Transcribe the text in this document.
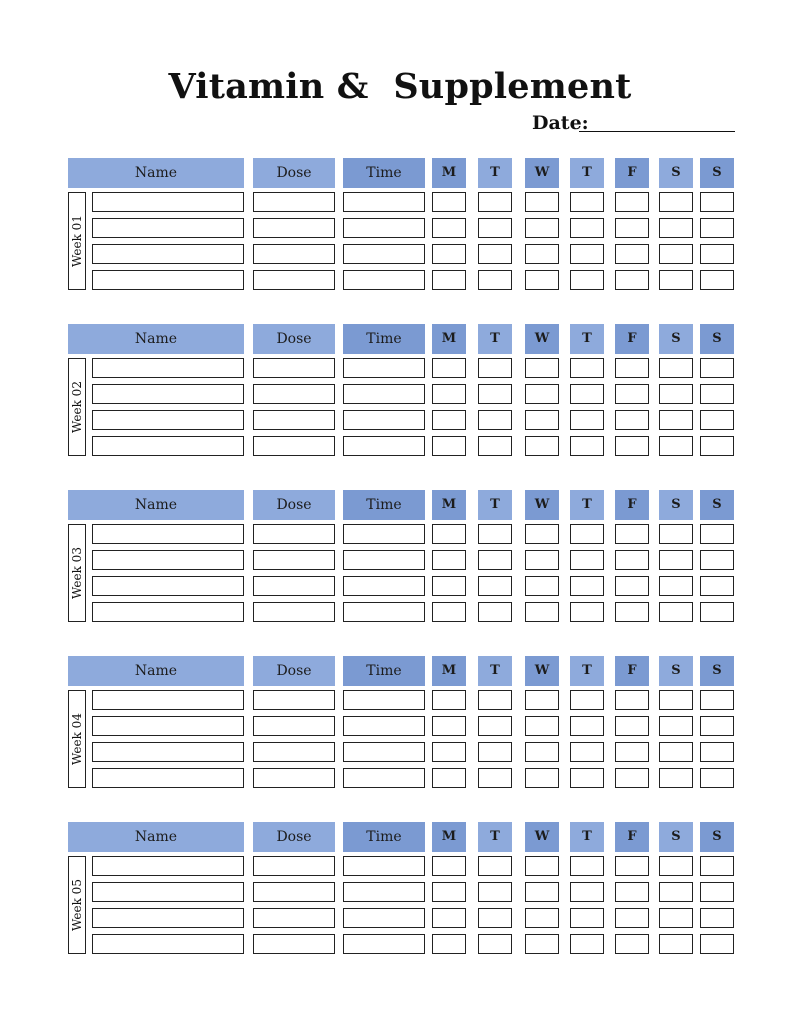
Vitamin &  Supplement
Date:
Name	Dose	Time	M	T	W	T	F	S	S
Week 01
Name	Dose	Time	M	T	W	T	F	S	S
Week 02
Name	Dose	Time	M	T	W	T	F	S	S
Week 03
Name	Dose	Time	M	T	W	T	F	S	S
Week 04
Name	Dose	Time	M	T	W	T	F	S	S
Week 05
